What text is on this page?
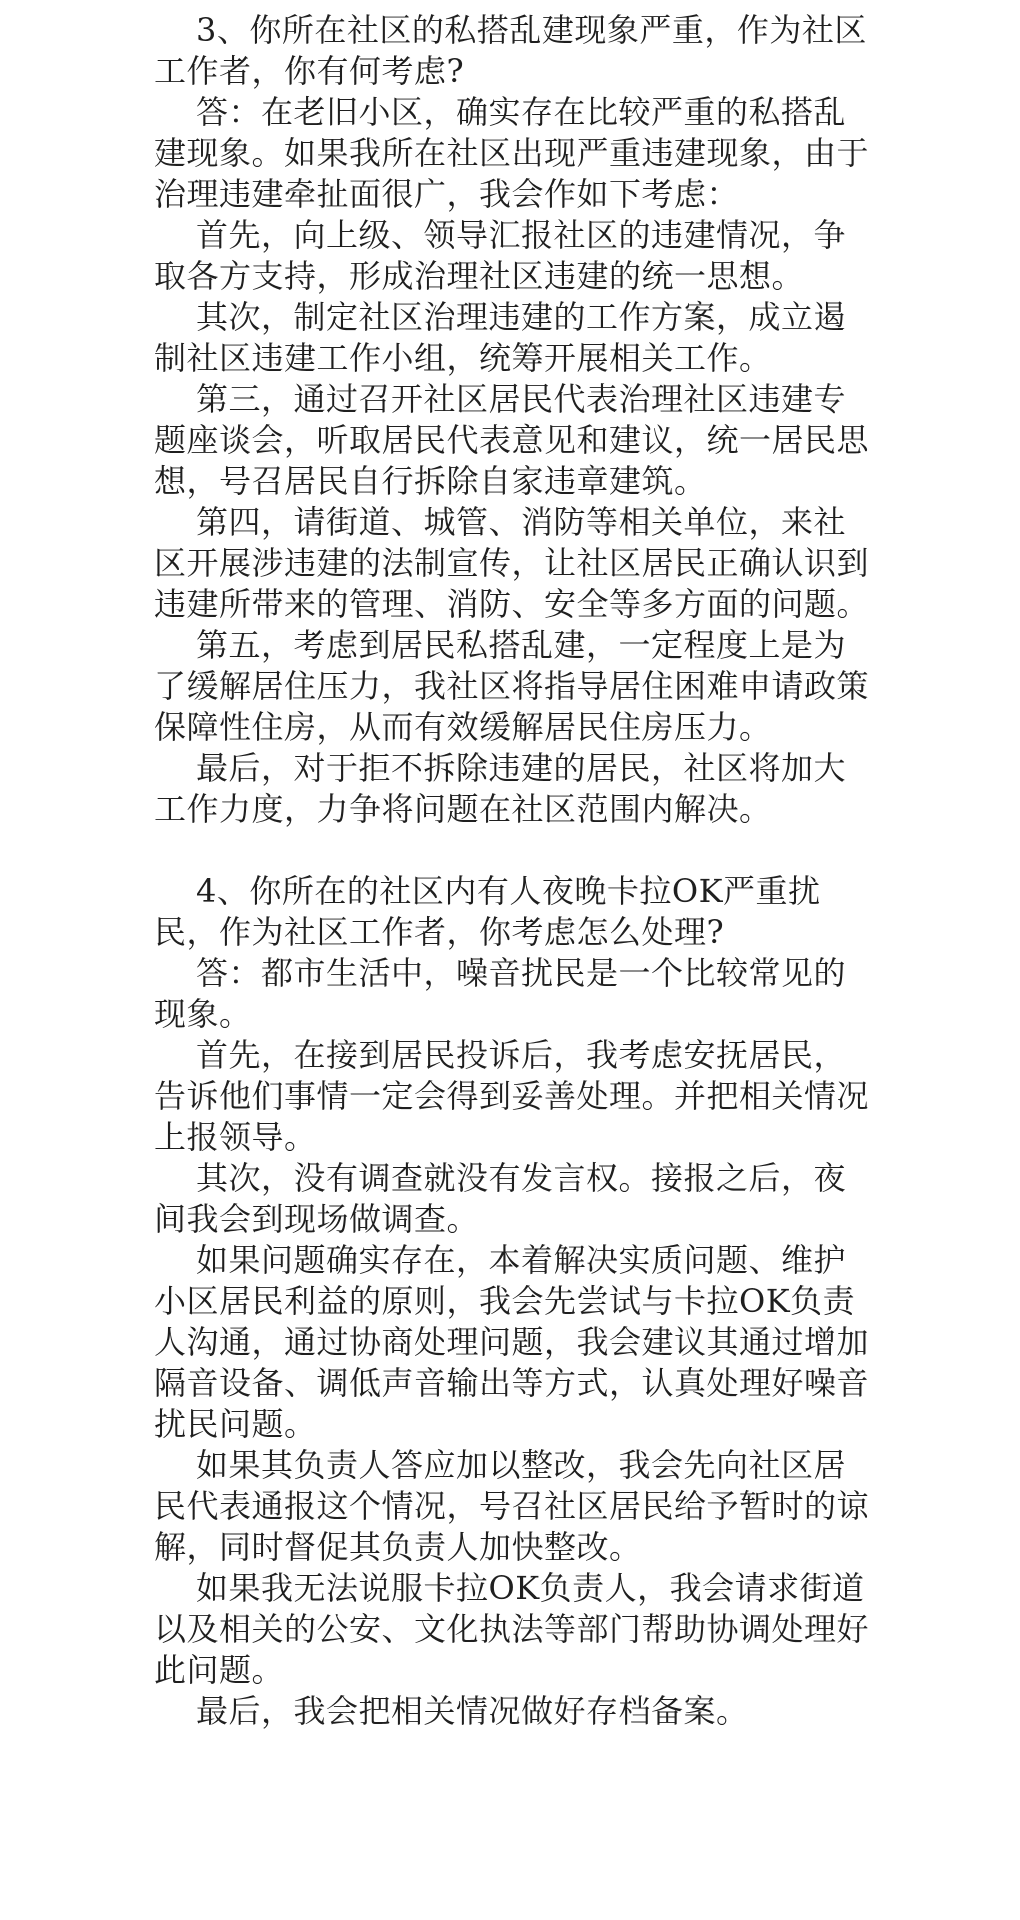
3、你所在社区的私搭乱建现象严重，作为社区工作者，你有何考虑?

答：在老旧小区，确实存在比较严重的私搭乱建现象。如果我所在社区出现严重违建现象，由于治理违建牵扯面很广，我会作如下考虑：

首先，向上级、领导汇报社区的违建情况，争取各方支持，形成治理社区违建的统一思想。

其次，制定社区治理违建的工作方案，成立遏制社区违建工作小组，统筹开展相关工作。

第三，通过召开社区居民代表治理社区违建专题座谈会，听取居民代表意见和建议，统一居民思想，号召居民自行拆除自家违章建筑。

第四，请街道、城管、消防等相关单位，来社区开展涉违建的法制宣传，让社区居民正确认识到违建所带来的管理、消防、安全等多方面的问题。

第五，考虑到居民私搭乱建，一定程度上是为了缓解居住压力，我社区将指导居住困难申请政策保障性住房，从而有效缓解居民住房压力。

最后，对于拒不拆除违建的居民，社区将加大工作力度，力争将问题在社区范围内解决。

4、你所在的社区内有人夜晚卡拉OK严重扰民，作为社区工作者，你考虑怎么处理?

答：都市生活中，噪音扰民是一个比较常见的现象。

首先，在接到居民投诉后，我考虑安抚居民，告诉他们事情一定会得到妥善处理。并把相关情况上报领导。

其次，没有调查就没有发言权。接报之后，夜间我会到现场做调查。

如果问题确实存在，本着解决实质问题、维护小区居民利益的原则，我会先尝试与卡拉OK负责人沟通，通过协商处理问题，我会建议其通过增加隔音设备、调低声音输出等方式，认真处理好噪音扰民问题。

如果其负责人答应加以整改，我会先向社区居民代表通报这个情况，号召社区居民给予暂时的谅解，同时督促其负责人加快整改。

如果我无法说服卡拉OK负责人，我会请求街道以及相关的公安、文化执法等部门帮助协调处理好此问题。

最后，我会把相关情况做好存档备案。
